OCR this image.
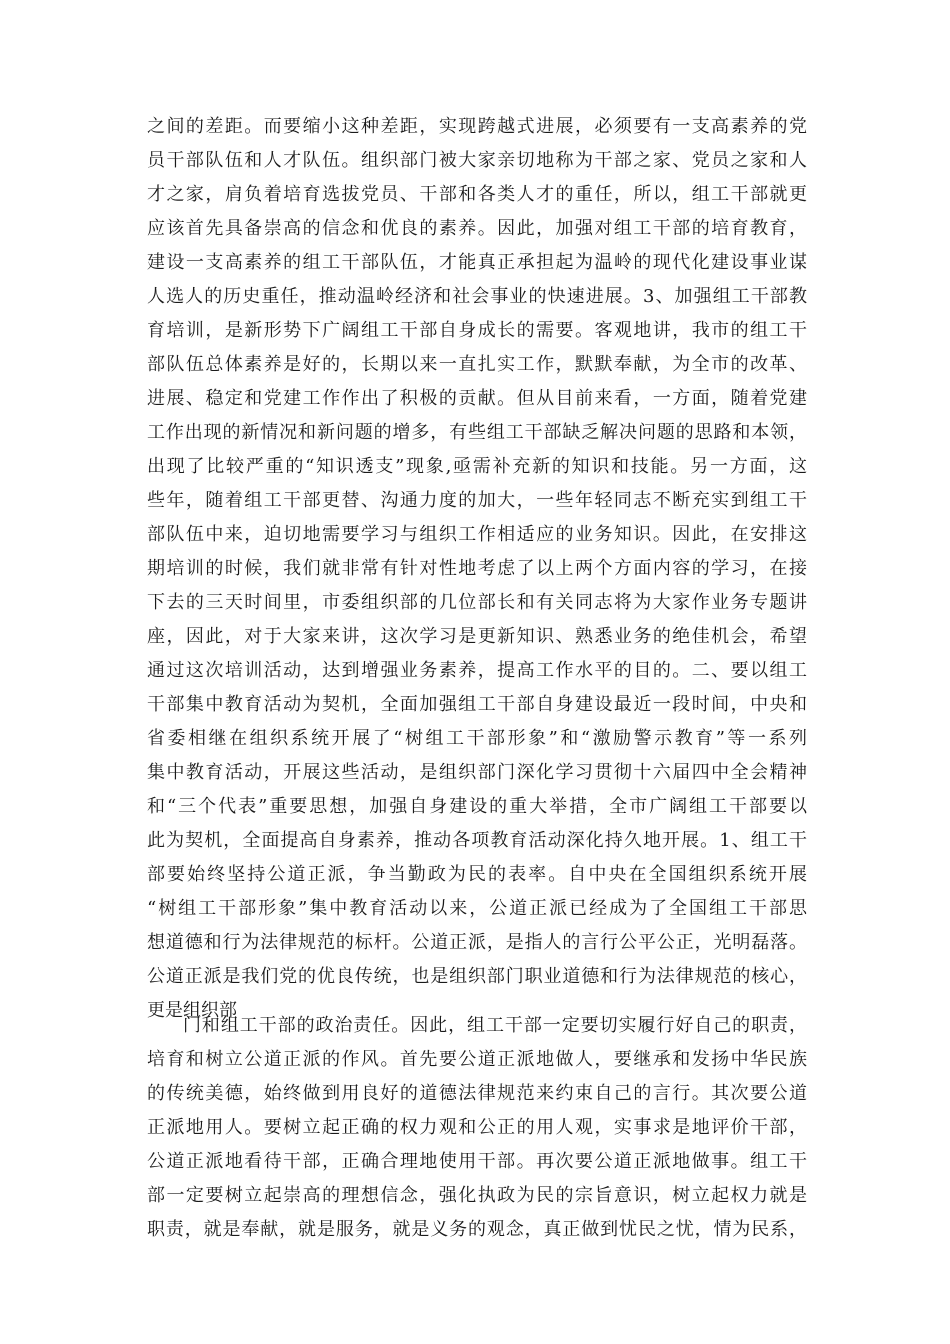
之间的差距。而要缩小这种差距，实现跨越式进展，必须要有一支高素养的党
员干部队伍和人才队伍。组织部门被大家亲切地称为干部之家、党员之家和人
才之家，肩负着培育选拔党员、干部和各类人才的重任，所以，组工干部就更
应该首先具备崇高的信念和优良的素养。因此，加强对组工干部的培育教育，
建设一支高素养的组工干部队伍，才能真正承担起为温岭的现代化建设事业谋
人选人的历史重任，推动温岭经济和社会事业的快速进展。3、加强组工干部教
育培训，是新形势下广阔组工干部自身成长的需要。客观地讲，我市的组工干
部队伍总体素养是好的，长期以来一直扎实工作，默默奉献，为全市的改革、
进展、稳定和党建工作作出了积极的贡献。但从目前来看，一方面，随着党建
工作出现的新情况和新问题的增多，有些组工干部缺乏解决问题的思路和本领，
出现了比较严重的“知识透支”现象,亟需补充新的知识和技能。另一方面，这
些年，随着组工干部更替、沟通力度的加大，一些年轻同志不断充实到组工干
部队伍中来，迫切地需要学习与组织工作相适应的业务知识。因此，在安排这
期培训的时候，我们就非常有针对性地考虑了以上两个方面内容的学习，在接
下去的三天时间里，市委组织部的几位部长和有关同志将为大家作业务专题讲
座，因此，对于大家来讲，这次学习是更新知识、熟悉业务的绝佳机会，希望
通过这次培训活动，达到增强业务素养，提高工作水平的目的。二、要以组工
干部集中教育活动为契机，全面加强组工干部自身建设最近一段时间，中央和
省委相继在组织系统开展了“树组工干部形象”和“激励警示教育”等一系列
集中教育活动，开展这些活动，是组织部门深化学习贯彻十六届四中全会精神
和“三个代表”重要思想，加强自身建设的重大举措，全市广阔组工干部要以
此为契机，全面提高自身素养，推动各项教育活动深化持久地开展。1、组工干
部要始终坚持公道正派，争当勤政为民的表率。自中央在全国组织系统开展
“树组工干部形象”集中教育活动以来，公道正派已经成为了全国组工干部思
想道德和行为法律规范的标杆。公道正派，是指人的言行公平公正，光明磊落。
公道正派是我们党的优良传统，也是组织部门职业道德和行为法律规范的核心，
更是组织部
门和组工干部的政治责任。因此，组工干部一定要切实履行好自己的职责，
培育和树立公道正派的作风。首先要公道正派地做人，要继承和发扬中华民族
的传统美德，始终做到用良好的道德法律规范来约束自己的言行。其次要公道
正派地用人。要树立起正确的权力观和公正的用人观，实事求是地评价干部，
公道正派地看待干部，正确合理地使用干部。再次要公道正派地做事。组工干
部一定要树立起崇高的理想信念，强化执政为民的宗旨意识，树立起权力就是
职责，就是奉献，就是服务，就是义务的观念，真正做到忧民之忧，情为民系，
